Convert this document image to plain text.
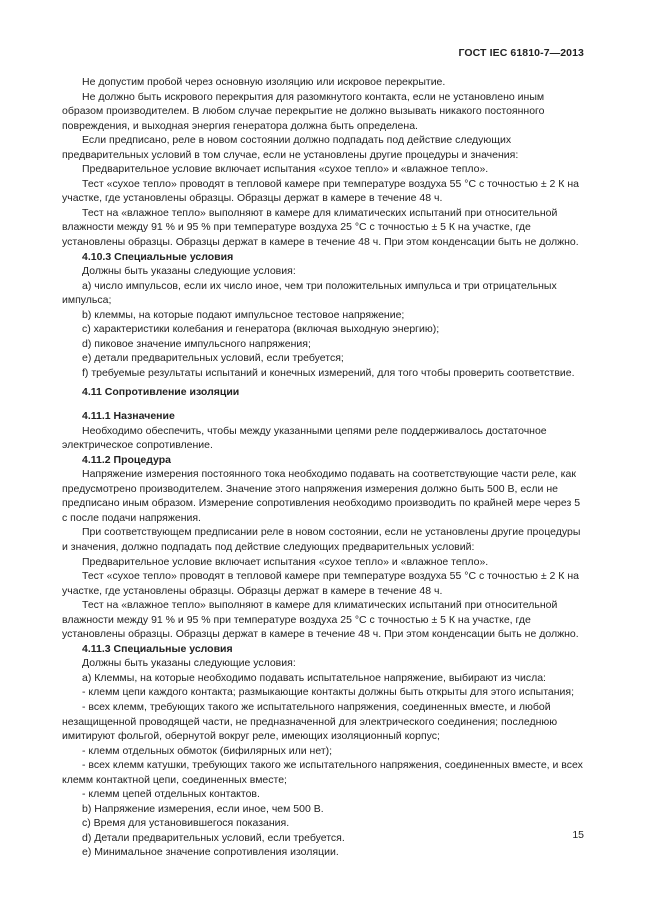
ГОСТ IEC 61810-7—2013

Не допустим пробой через основную изоляцию или искровое перекрытие.

Не должно быть искрового перекрытия для разомкнутого контакта, если не установлено иным образом производителем. В любом случае перекрытие не должно вызывать никакого постоянного повреждения, и выходная энергия генератора должна быть определена.

Если предписано, реле в новом состоянии должно подпадать под действие следующих предварительных условий в том случае, если не установлены другие процедуры и значения:

Предварительное условие включает испытания «сухое тепло» и «влажное тепло».

Тест «сухое тепло» проводят в тепловой камере при температуре воздуха 55 °С с точностью ± 2 К на участке, где установлены образцы. Образцы держат в камере в течение 48 ч.

Тест на «влажное тепло» выполняют в камере для климатических испытаний при относительной влажности между 91 % и 95 % при температуре воздуха 25 °С с точностью ± 5 К на участке, где установлены образцы. Образцы держат в камере в течение 48 ч. При этом конденсации быть не должно.

4.10.3 Специальные условия

Должны быть указаны следующие условия:

a) число импульсов, если их число иное, чем три положительных импульса и три отрицательных импульса;

b) клеммы, на которые подают импульсное тестовое напряжение;

c) характеристики колебания и генератора (включая выходную энергию);

d) пиковое значение импульсного напряжения;

e) детали предварительных условий, если требуется;

f) требуемые результаты испытаний и конечных измерений, для того чтобы проверить соответствие.

4.11 Сопротивление изоляции

4.11.1 Назначение

Необходимо обеспечить, чтобы между указанными цепями реле поддерживалось достаточное электрическое сопротивление.

4.11.2 Процедура

Напряжение измерения постоянного тока необходимо подавать на соответствующие части реле, как предусмотрено производителем. Значение этого напряжения измерения должно быть 500 В, если не предписано иным образом. Измерение сопротивления необходимо производить по крайней мере через 5 с после подачи напряжения.

При соответствующем предписании реле в новом состоянии, если не установлены другие процедуры и значения, должно подпадать под действие следующих предварительных условий:

Предварительное условие включает испытания «сухое тепло» и «влажное тепло».

Тест «сухое тепло» проводят в тепловой камере при температуре воздуха 55 °С с точностью ± 2 К на участке, где установлены образцы. Образцы держат в камере в течение 48 ч.

Тест на «влажное тепло» выполняют в камере для климатических испытаний при относительной влажности между 91 % и 95 % при температуре воздуха 25 °С с точностью ± 5 К на участке, где установлены образцы. Образцы держат в камере в течение 48 ч. При этом конденсации быть не должно.

4.11.3 Специальные условия

Должны быть указаны следующие условия:

a) Клеммы, на которые необходимо подавать испытательное напряжение, выбирают из числа:

- клемм цепи каждого контакта; размыкающие контакты должны быть открыты для этого испытания;

- всех клемм, требующих такого же испытательного напряжения, соединенных вместе, и любой незащищенной проводящей части, не предназначенной для электрического соединения; последнюю имитируют фольгой, обернутой вокруг реле, имеющих изоляционный корпус;

- клемм отдельных обмоток (бифилярных или нет);

- всех клемм катушки, требующих такого же испытательного напряжения, соединенных вместе, и всех клемм контактной цепи, соединенных вместе;

- клемм цепей отдельных контактов.

b) Напряжение измерения, если иное, чем 500 В.

c) Время для установившегося показания.

d) Детали предварительных условий, если требуется.

e) Минимальное значение сопротивления изоляции.

15
